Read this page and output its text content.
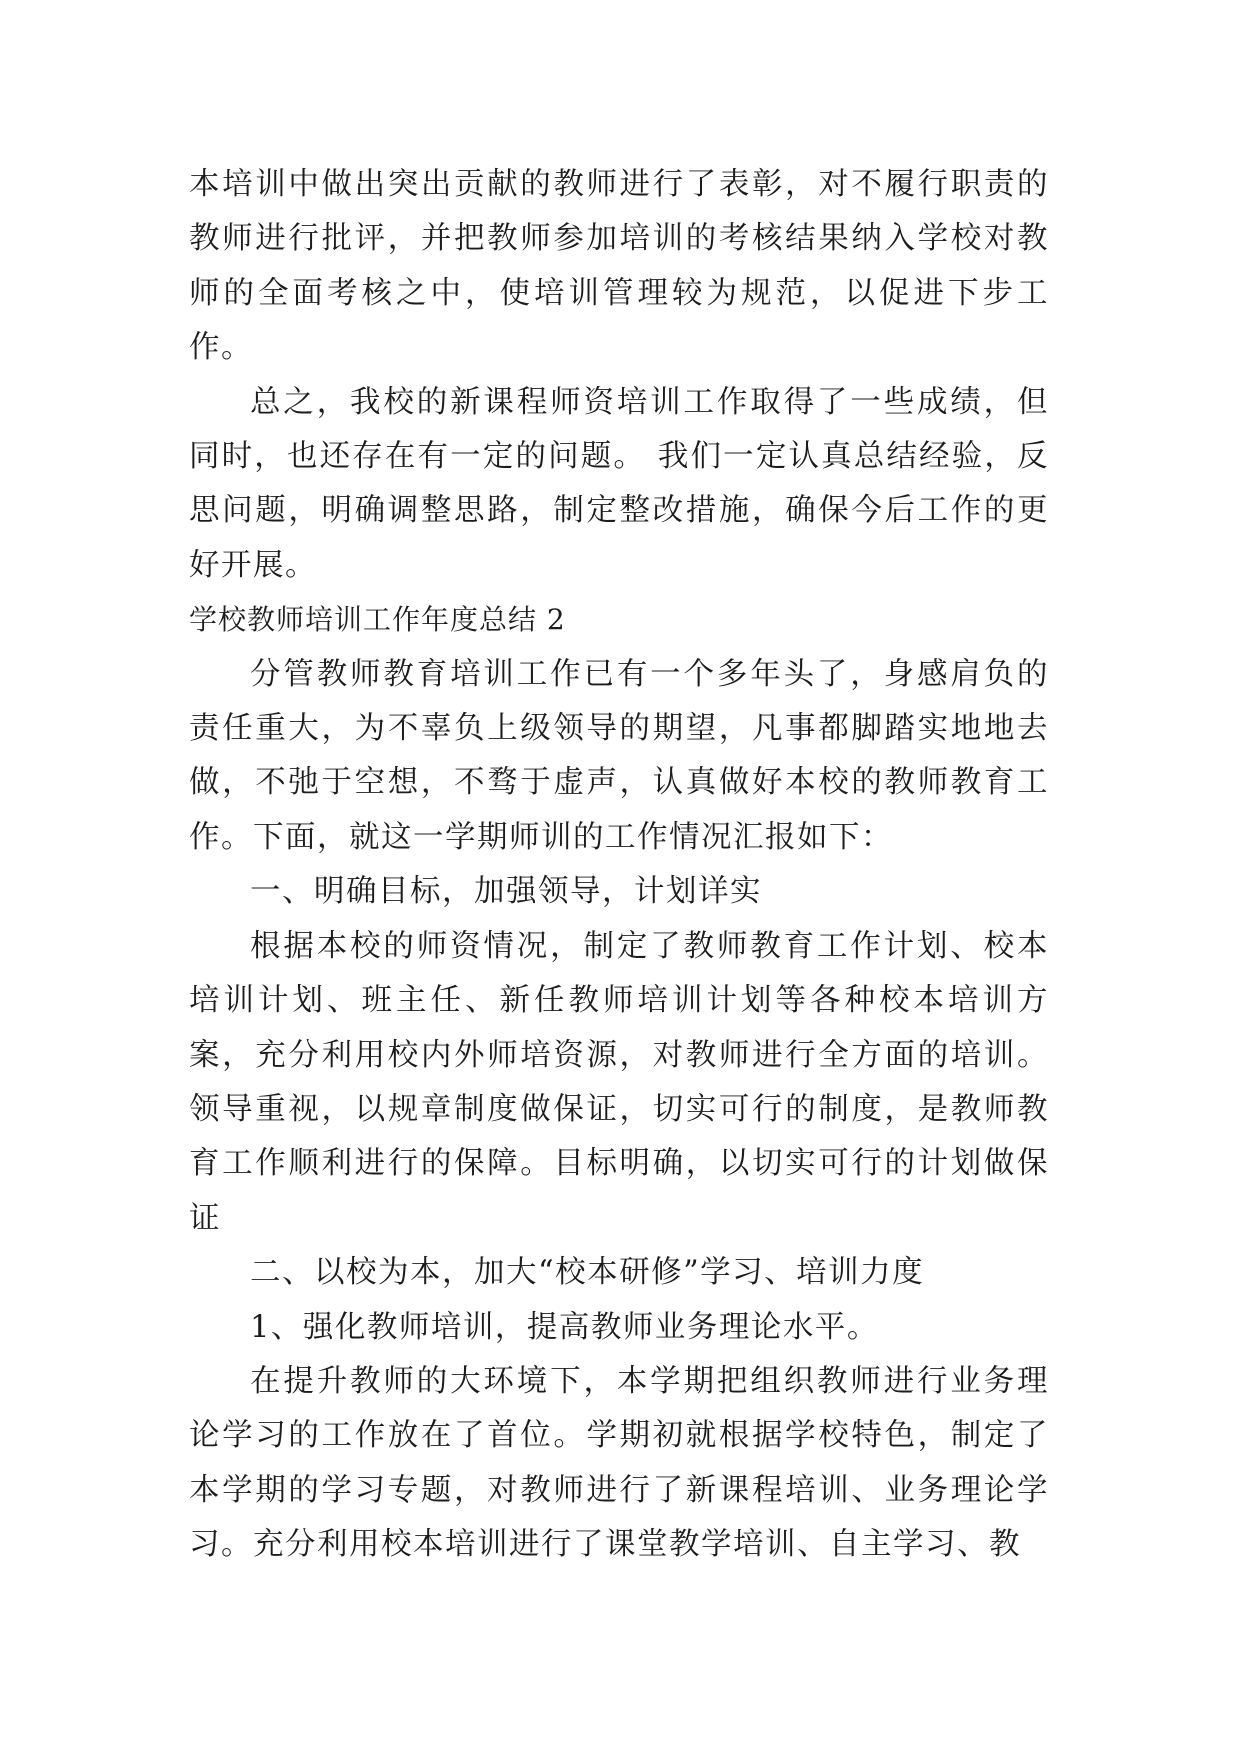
本培训中做出突出贡献的教师进行了表彰，对不履行职责的教师进行批评，并把教师参加培训的考核结果纳入学校对教师的全面考核之中，使培训管理较为规范，以促进下步工作。

总之，我校的新课程师资培训工作取得了一些成绩，但同时，也还存在有一定的问题。 我们一定认真总结经验，反思问题，明确调整思路，制定整改措施，确保今后工作的更好开展。

学校教师培训工作年度总结 2

分管教师教育培训工作已有一个多年头了，身感肩负的责任重大，为不辜负上级领导的期望，凡事都脚踏实地地去做，不弛于空想，不骛于虚声，认真做好本校的教师教育工作。下面，就这一学期师训的工作情况汇报如下：

一、明确目标，加强领导，计划详实

根据本校的师资情况，制定了教师教育工作计划、校本培训计划、班主任、新任教师培训计划等各种校本培训方案，充分利用校内外师培资源，对教师进行全方面的培训。领导重视，以规章制度做保证，切实可行的制度，是教师教育工作顺利进行的保障。目标明确，以切实可行的计划做保证

二、以校为本，加大“校本研修”学习、培训力度

1、强化教师培训，提高教师业务理论水平。

在提升教师的大环境下，本学期把组织教师进行业务理论学习的工作放在了首位。学期初就根据学校特色，制定了本学期的学习专题，对教师进行了新课程培训、业务理论学习。充分利用校本培训进行了课堂教学培训、自主学习、教
